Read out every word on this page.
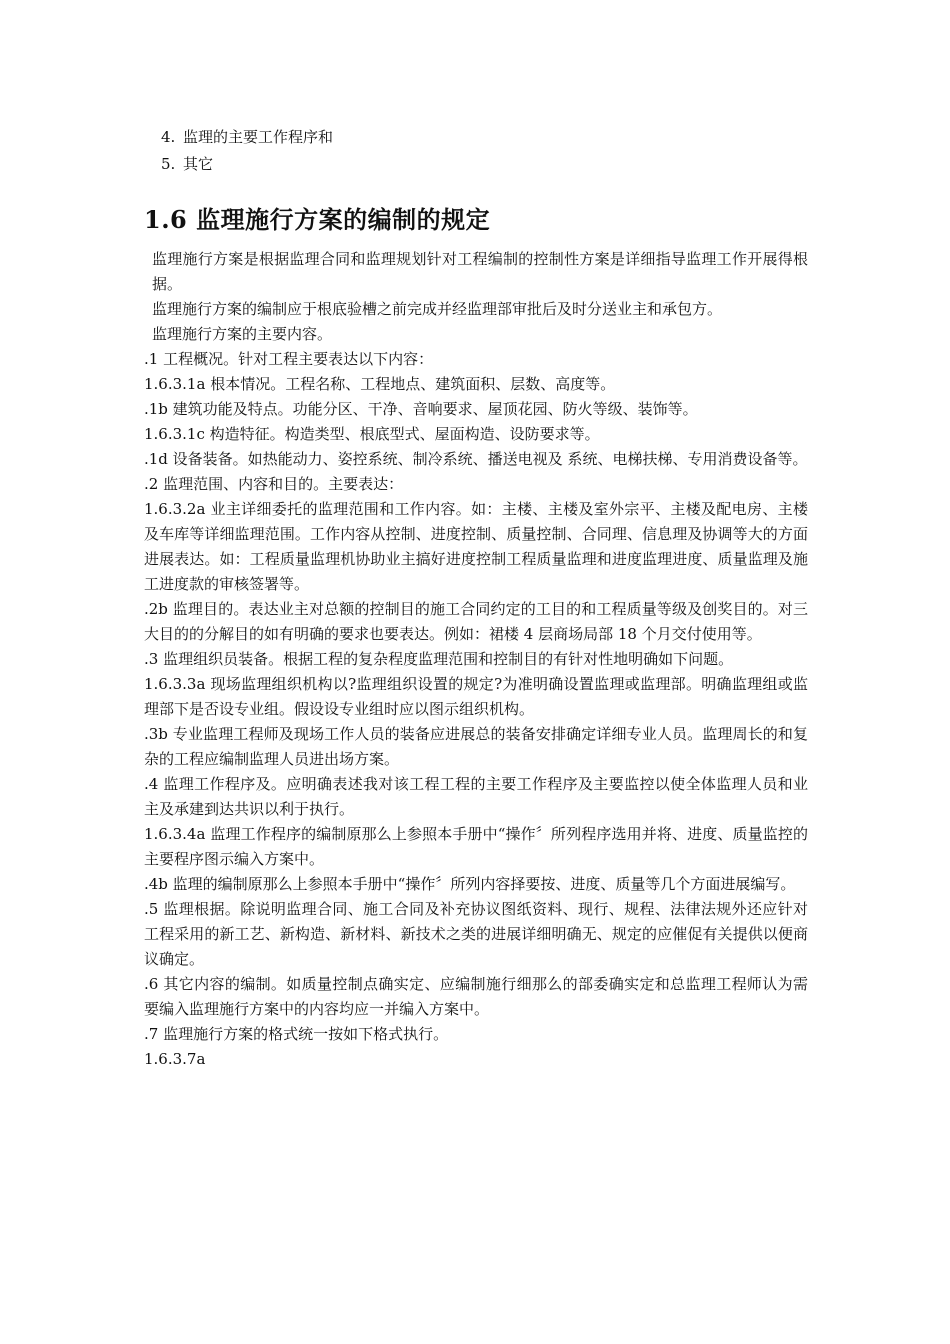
4. 监理的主要工作程序和
5. 其它
1.6 监理施行方案的编制的规定

监理施行方案是根据监理合同和监理规划针对工程编制的控制性方案是详细指导监理工作开展得根据。

监理施行方案的编制应于根底验槽之前完成并经监理部审批后及时分送业主和承包方。

监理施行方案的主要内容。

.1 工程概况。针对工程主要表达以下内容：

1.6.3.1a 根本情况。工程名称、工程地点、建筑面积、层数、高度等。

.1b 建筑功能及特点。功能分区、干净、音响要求、屋顶花园、防火等级、装饰等。

1.6.3.1c 构造特征。构造类型、根底型式、屋面构造、设防要求等。

.1d 设备装备。如热能动力、姿控系统、制冷系统、播送电视及 系统、电梯扶梯、专用消费设备等。

.2 监理范围、内容和目的。主要表达：

1.6.3.2a 业主详细委托的监理范围和工作内容。如：主楼、主楼及室外宗平、主楼及配电房、主楼及车库等详细监理范围。工作内容从控制、进度控制、质量控制、合同理、信息理及协调等大的方面进展表达。如：工程质量监理机协助业主搞好进度控制工程质量监理和进度监理进度、质量监理及施工进度款的审核签署等。

.2b 监理目的。表达业主对总额的控制目的施工合同约定的工目的和工程质量等级及创奖目的。对三大目的的分解目的如有明确的要求也要表达。例如：裙楼 4 层商场局部 18 个月交付使用等。

.3 监理组织员装备。根据工程的复杂程度监理范围和控制目的有针对性地明确如下问题。

1.6.3.3a 现场监理组织机构以?监理组织设置的规定?为准明确设置监理或监理部。明确监理组或监理部下是否设专业组。假设设专业组时应以图示组织机构。

.3b 专业监理工程师及现场工作人员的装备应进展总的装备安排确定详细专业人员。监理周长的和复杂的工程应编制监理人员进出场方案。

.4 监理工作程序及。应明确表述我对该工程工程的主要工作程序及主要监控以使全体监理人员和业主及承建到达共识以利于执行。

1.6.3.4a 监理工作程序的编制原那么上参照本手册中“操作〞所列程序选用并将、进度、质量监控的主要程序图示编入方案中。

.4b 监理的编制原那么上参照本手册中“操作〞所列内容择要按、进度、质量等几个方面进展编写。

.5 监理根据。除说明监理合同、施工合同及补充协议图纸资料、现行、规程、法律法规外还应针对工程采用的新工艺、新构造、新材料、新技术之类的进展详细明确无、规定的应催促有关提供以便商议确定。

.6 其它内容的编制。如质量控制点确实定、应编制施行细那么的部委确实定和总监理工程师认为需要编入监理施行方案中的内容均应一并编入方案中。

.7 监理施行方案的格式统一按如下格式执行。

1.6.3.7a
